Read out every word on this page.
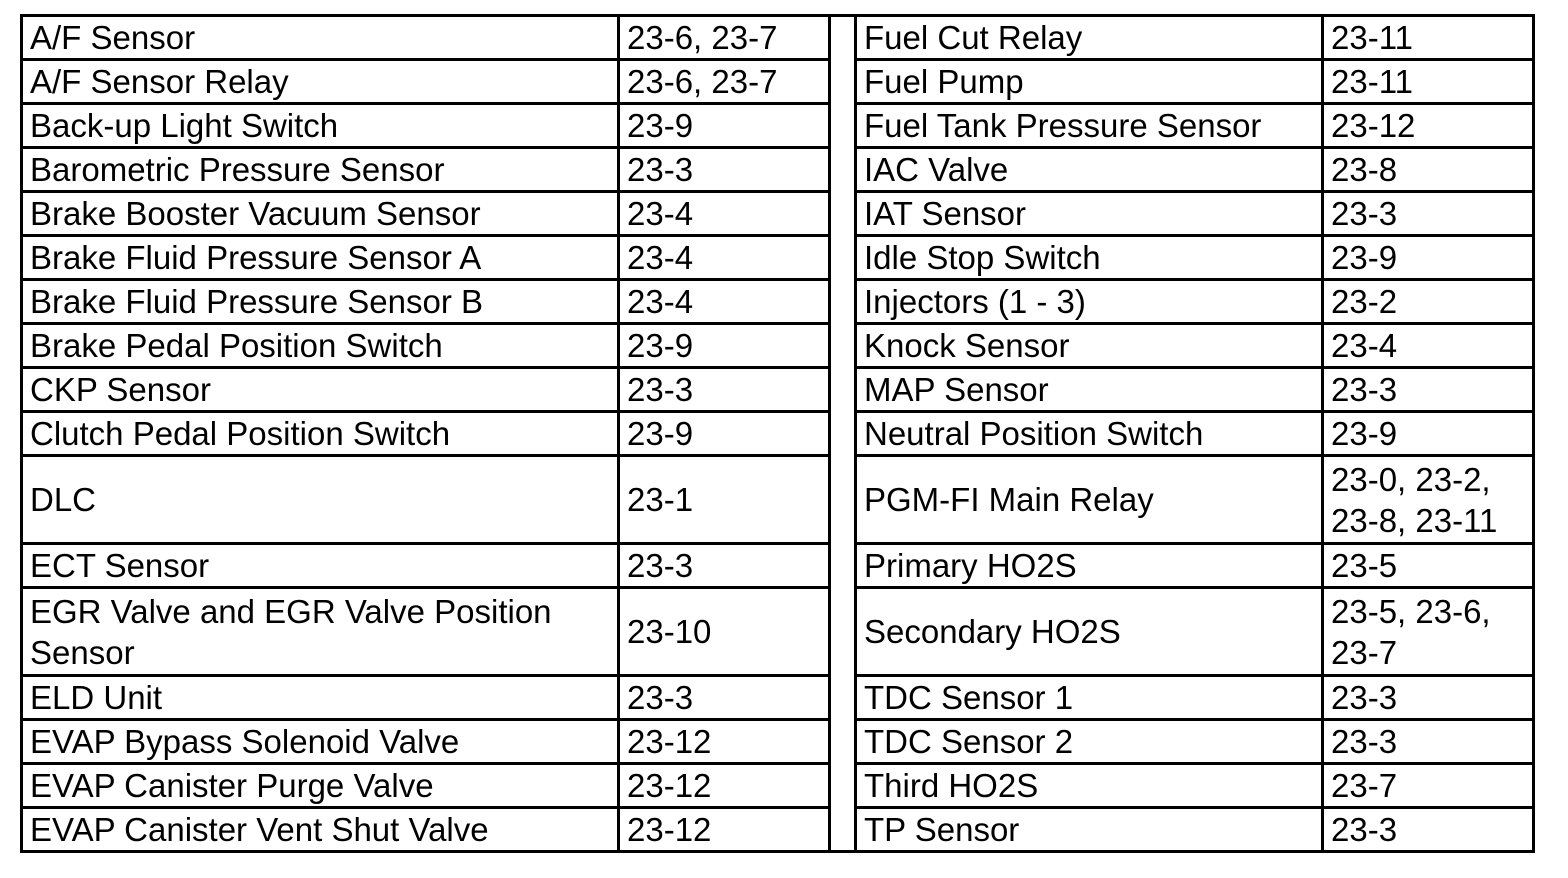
A/F Sensor	23-6, 23-7		Fuel Cut Relay	23-11
A/F Sensor Relay	23-6, 23-7		Fuel Pump	23-11
Back-up Light Switch	23-9		Fuel Tank Pressure Sensor	23-12
Barometric Pressure Sensor	23-3		IAC Valve	23-8
Brake Booster Vacuum Sensor	23-4		IAT Sensor	23-3
Brake Fluid Pressure Sensor A	23-4		Idle Stop Switch	23-9
Brake Fluid Pressure Sensor B	23-4		Injectors (1 - 3)	23-2
Brake Pedal Position Switch	23-9		Knock Sensor	23-4
CKP Sensor	23-3		MAP Sensor	23-3
Clutch Pedal Position Switch	23-9		Neutral Position Switch	23-9
DLC	23-1		PGM-FI Main Relay	23-0, 23-2, 23-8, 23-11
ECT Sensor	23-3		Primary HO2S	23-5
EGR Valve and EGR Valve Position Sensor	23-10		Secondary HO2S	23-5, 23-6, 23-7
ELD Unit	23-3		TDC Sensor 1	23-3
EVAP Bypass Solenoid Valve	23-12		TDC Sensor 2	23-3
EVAP Canister Purge Valve	23-12		Third HO2S	23-7
EVAP Canister Vent Shut Valve	23-12		TP Sensor	23-3
